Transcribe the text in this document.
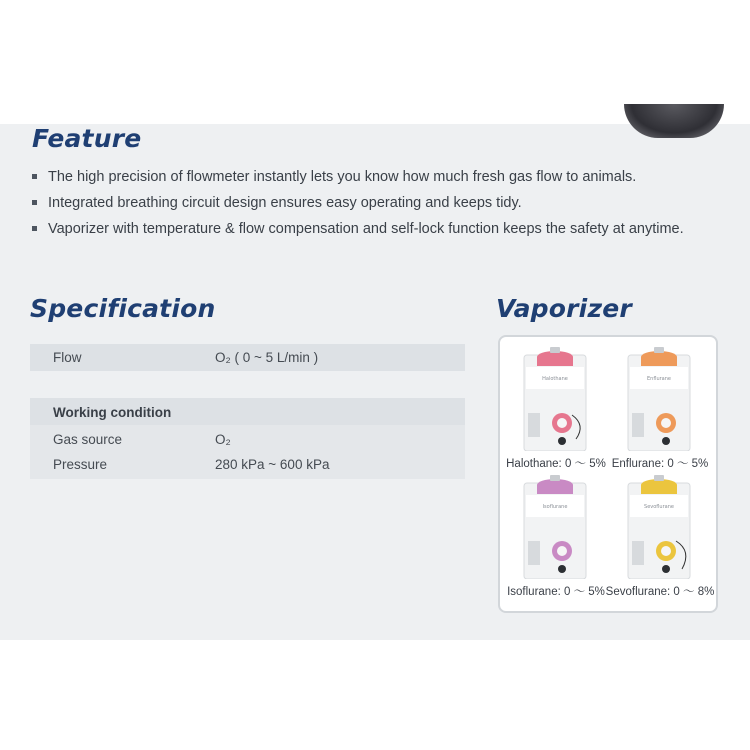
Feature
The high precision of flowmeter instantly lets you know how much fresh gas flow to animals.
Integrated breathing circuit design ensures easy operating and keeps tidy.
Vaporizer with temperature & flow compensation and self-lock function keeps the safety at anytime.
Specification
Flow	O₂ ( 0 ~ 5 L/min )
Working condition
Gas source	O₂
Pressure	280 kPa ~ 600 kPa
Vaporizer
Halothane
Halothane: 0 〜 5%
Enflurane
Enflurane: 0 〜 5%
Isoflurane
Isoflurane: 0 〜 5%
Sevoflurane
Sevoflurane: 0 〜 8%
